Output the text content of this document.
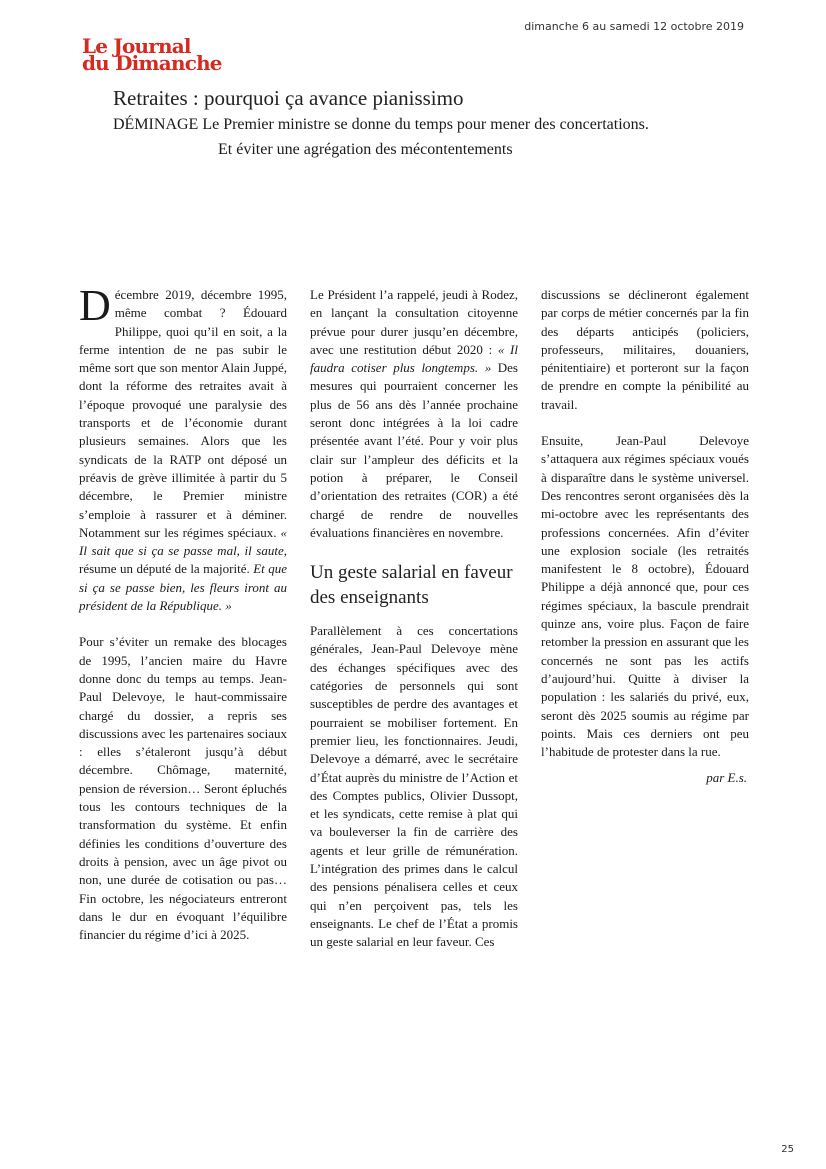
dimanche 6 au samedi 12 octobre 2019
Le Journal
du Dimanche
Retraites : pourquoi ça avance pianissimo
DÉMINAGE Le Premier ministre se donne du temps pour mener des concertations.
Et éviter une agrégation des mécontentements

Décembre 2019, décembre 1995, même combat ? Édouard Philippe, quoi qu’il en soit, a la ferme intention de ne pas subir le même sort que son mentor Alain Juppé, dont la réforme des retraites avait à l’époque provoqué une paralysie des transports et de l’économie durant plusieurs semaines. Alors que les syndicats de la RATP ont déposé un préavis de grève illimitée à partir du 5 décembre, le Premier ministre s’emploie à rassurer et à déminer. Notamment sur les régimes spéciaux. « Il sait que si ça se passe mal, il saute, résume un député de la majorité. Et que si ça se passe bien, les fleurs iront au président de la République. »

Pour s’éviter un remake des blocages de 1995, l’ancien maire du Havre donne donc du temps au temps. Jean-Paul Delevoye, le haut-commissaire chargé du dossier, a repris ses discussions avec les partenaires sociaux : elles s’étaleront jusqu’à début décembre. Chômage, maternité, pension de réversion… Seront épluchés tous les contours techniques de la transformation du système. Et enfin définies les conditions d’ouverture des droits à pension, avec un âge pivot ou non, une durée de cotisation ou pas… Fin octobre, les négociateurs entreront dans le dur en évoquant l’équilibre financier du régime d’ici à 2025.

Le Président l’a rappelé, jeudi à Rodez, en lançant la consultation citoyenne prévue pour durer jusqu’en décembre, avec une restitution début 2020 : « Il faudra cotiser plus longtemps. » Des mesures qui pourraient concerner les plus de 56 ans dès l’année prochaine seront donc intégrées à la loi cadre présentée avant l’été. Pour y voir plus clair sur l’ampleur des déficits et la potion à préparer, le Conseil d’orientation des retraites (COR) a été chargé de rendre de nouvelles évaluations financières en novembre.

Un geste salarial en faveur des enseignants

Parallèlement à ces concertations générales, Jean-Paul Delevoye mène des échanges spécifiques avec des catégories de personnels qui sont susceptibles de perdre des avantages et pourraient se mobiliser fortement. En premier lieu, les fonctionnaires. Jeudi, Delevoye a démarré, avec le secrétaire d’État auprès du ministre de l’Action et des Comptes publics, Olivier Dussopt, et les syndicats, cette remise à plat qui va bouleverser la fin de carrière des agents et leur grille de rémunération. L’intégration des primes dans le calcul des pensions pénalisera celles et ceux qui n’en perçoivent pas, tels les enseignants. Le chef de l’État a promis un geste salarial en leur faveur. Ces

discussions se déclineront également par corps de métier concernés par la fin des départs anticipés (policiers, professeurs, militaires, douaniers, pénitentiaire) et porteront sur la façon de prendre en compte la pénibilité au travail.

Ensuite, Jean-Paul Delevoye s’attaquera aux régimes spéciaux voués à disparaître dans le système universel. Des rencontres seront organisées dès la mi-octobre avec les représentants des professions concernées. Afin d’éviter une explosion sociale (les retraités manifestent le 8 octobre), Édouard Philippe a déjà annoncé que, pour ces régimes spéciaux, la bascule prendrait quinze ans, voire plus. Façon de faire retomber la pression en assurant que les concernés ne sont pas les actifs d’aujourd’hui. Quitte à diviser la population : les salariés du privé, eux, seront dès 2025 soumis au régime par points. Mais ces derniers ont peu l’habitude de protester dans la rue.

par E.s.
25
